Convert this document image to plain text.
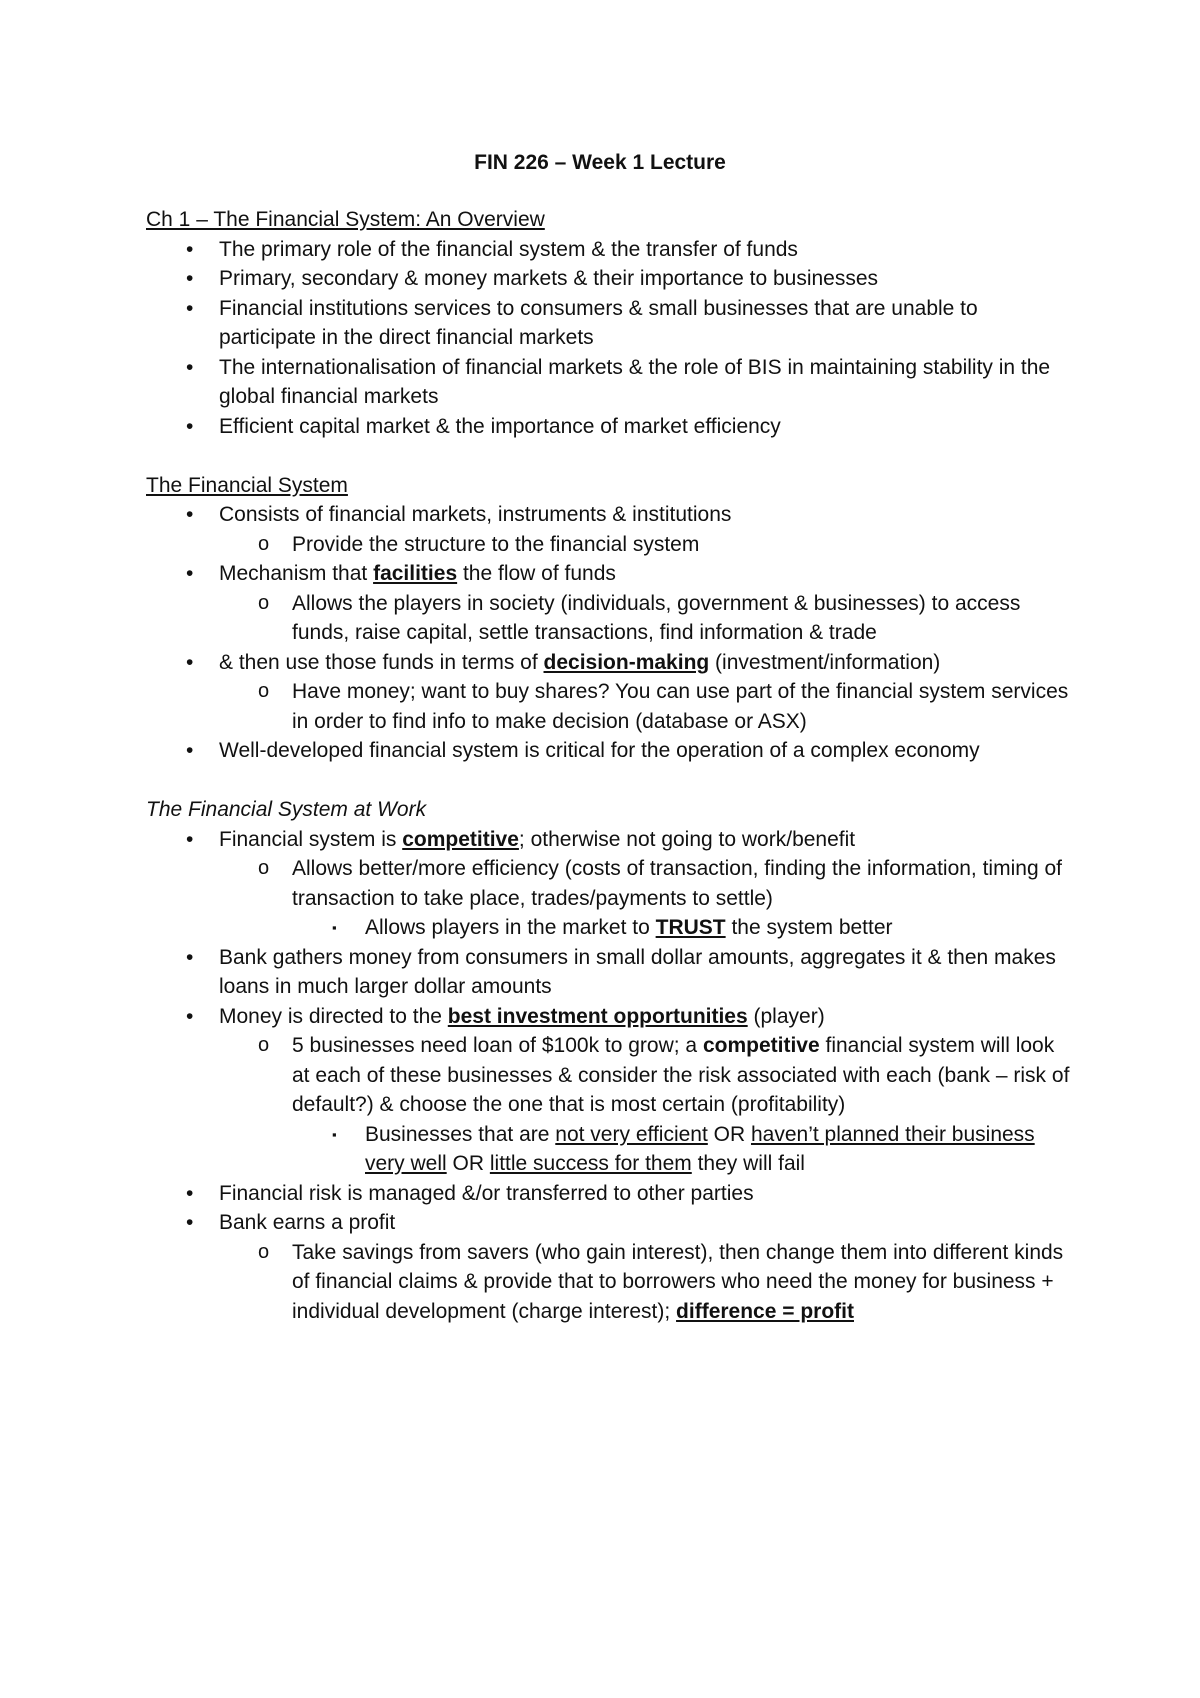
FIN 226 – Week 1 Lecture
Ch 1 – The Financial System: An Overview
• The primary role of the financial system & the transfer of funds
• Primary, secondary & money markets & their importance to businesses
• Financial institutions services to consumers & small businesses that are unable to participate in the direct financial markets
• The internationalisation of financial markets & the role of BIS in maintaining stability in the global financial markets
• Efficient capital market & the importance of market efficiency
The Financial System
• Consists of financial markets, instruments & institutions
o Provide the structure to the financial system
• Mechanism that facilities the flow of funds
o Allows the players in society (individuals, government & businesses) to access funds, raise capital, settle transactions, find information & trade
• & then use those funds in terms of decision-making (investment/information)
o Have money; want to buy shares? You can use part of the financial system services in order to find info to make decision (database or ASX)
• Well-developed financial system is critical for the operation of a complex economy
The Financial System at Work
• Financial system is competitive; otherwise not going to work/benefit
o Allows better/more efficiency (costs of transaction, finding the information, timing of transaction to take place, trades/payments to settle)
▪ Allows players in the market to TRUST the system better
• Bank gathers money from consumers in small dollar amounts, aggregates it & then makes loans in much larger dollar amounts
• Money is directed to the best investment opportunities (player)
o 5 businesses need loan of $100k to grow; a competitive financial system will look at each of these businesses & consider the risk associated with each (bank – risk of default?) & choose the one that is most certain (profitability)
▪ Businesses that are not very efficient OR haven’t planned their business very well OR little success for them they will fail
• Financial risk is managed &/or transferred to other parties
• Bank earns a profit
o Take savings from savers (who gain interest), then change them into different kinds of financial claims & provide that to borrowers who need the money for business + individual development (charge interest); difference = profit
